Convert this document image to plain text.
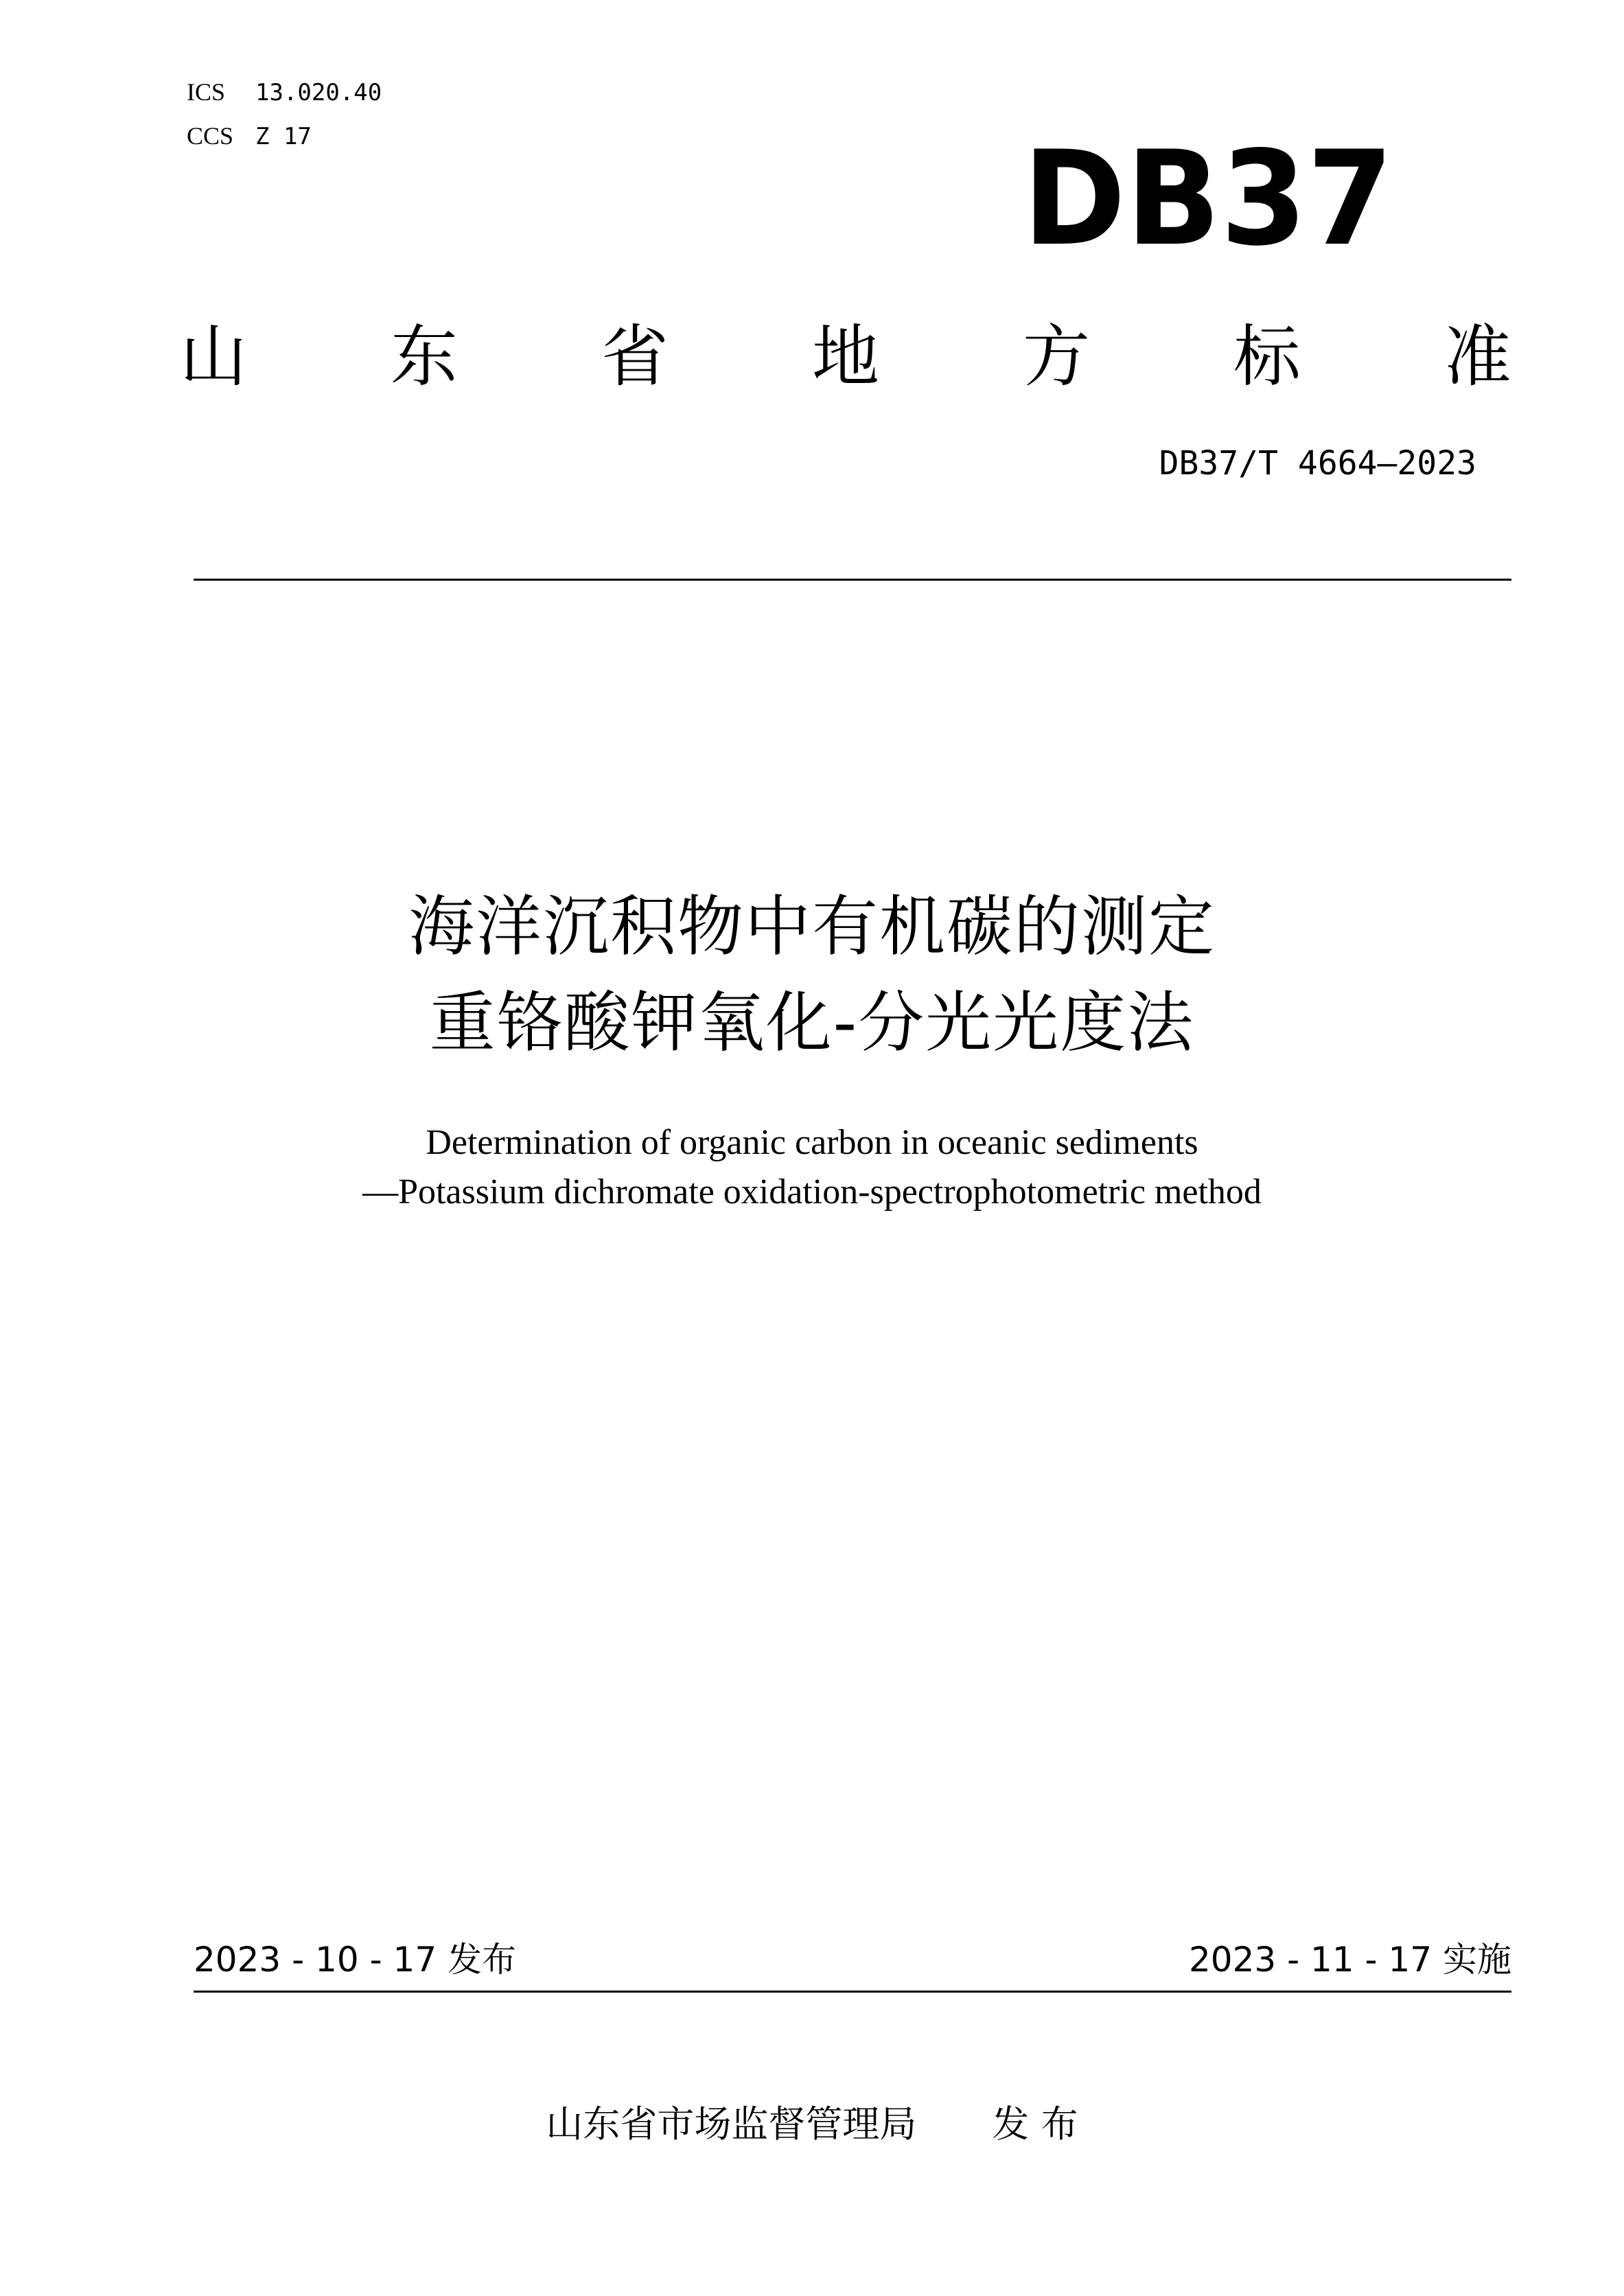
ICS 13.020.40
CCS Z 17	DB37
山 东 省 地 方 标 准
DB37/T 4664—2023
海洋沉积物中有机碳的测定
重铬酸钾氧化-分光光度法
Determination of organic carbon in oceanic sediments
—Potassium dichromate oxidation-spectrophotometric method
2023 - 10 - 17 发布	2023 - 11 - 17 实施
山东省市场监督管理局 发 布
